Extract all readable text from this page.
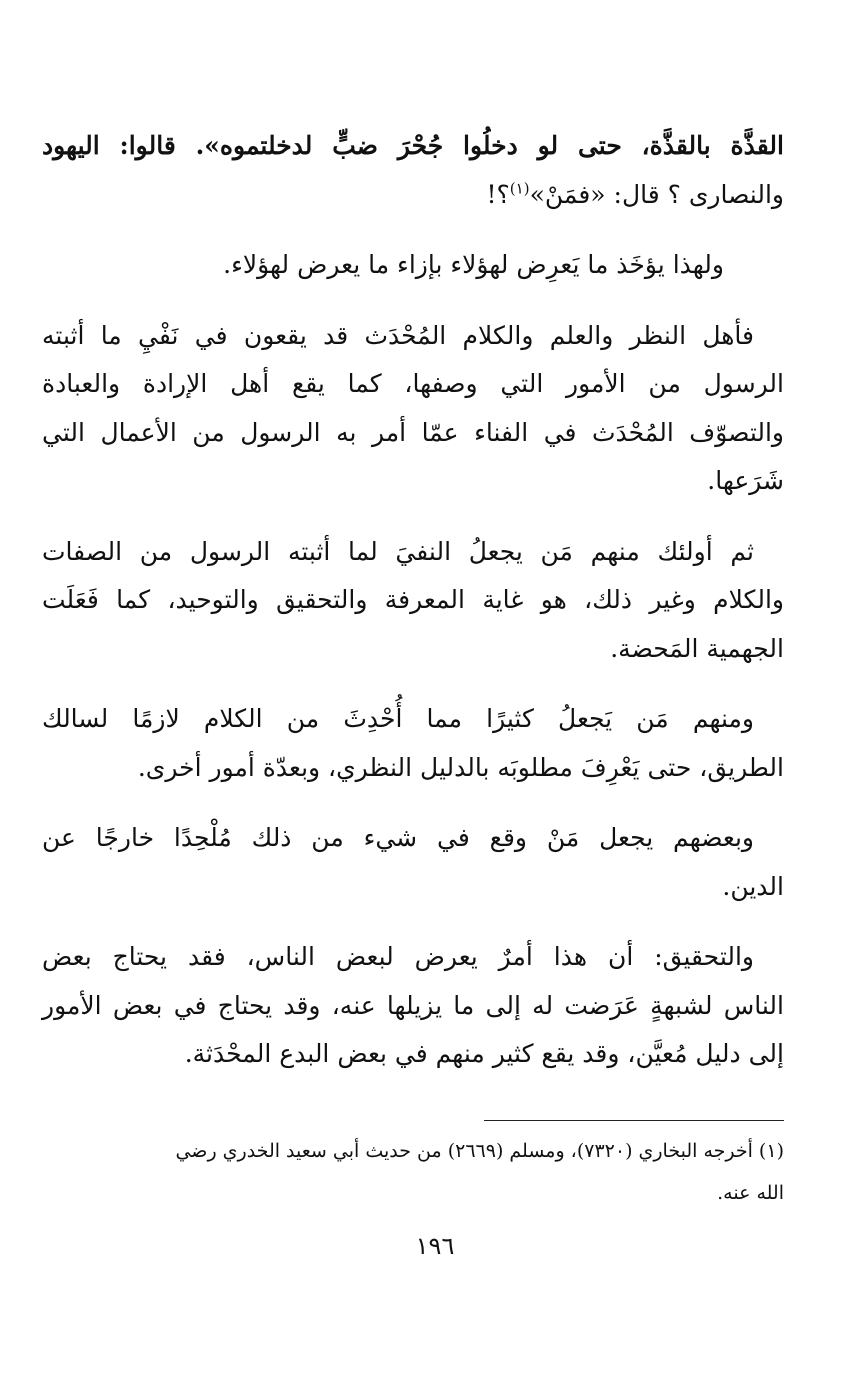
القذَّة بالقذَّة، حتى لو دخلُوا جُحْرَ ضبٍّ لدخلتموه». قالوا: اليهود
والنصارى ؟ قال: «فمَنْ»$^{(١)}$؟!

ولهذا يؤخَذ ما يَعرِض لهؤلاء بإزاء ما يعرض لهؤلاء.

فأهل النظر والعلم والكلام المُحْدَث قد يقعون في نَفْيِ ما أثبته
الرسول من الأمور التي وصفها، كما يقع أهل الإرادة والعبادة
والتصوّف المُحْدَث في الفناء عمّا أمر به الرسول من الأعمال التي
شَرَعها.

ثم أولئك منهم مَن يجعلُ النفيَ لما أثبته الرسول من الصفات
والكلام وغير ذلك، هو غاية المعرفة والتحقيق والتوحيد، كما فَعَلَت
الجهمية المَحضة.

ومنهم مَن يَجعلُ كثيرًا مما أُحْدِثَ من الكلام لازمًا لسالك
الطريق، حتى يَعْرِفَ مطلوبَه بالدليل النظري، وبعدّة أمور أخرى.

وبعضهم يجعل مَنْ وقع في شيء من ذلك مُلْحِدًا خارجًا عن
الدين.

والتحقيق: أن هذا أمرٌ يعرض لبعض الناس، فقد يحتاج بعض
الناس لشبهةٍ عَرَضت له إلى ما يزيلها عنه، وقد يحتاج في بعض الأمور
إلى دليل مُعيَّن، وقد يقع كثير منهم في بعض البدع المحْدَثة.

(١) أخرجه البخاري (٧٣٢٠)، ومسلم (٢٦٦٩) من حديث أبي سعيد الخدري رضي
الله عنه.
١٩٦
